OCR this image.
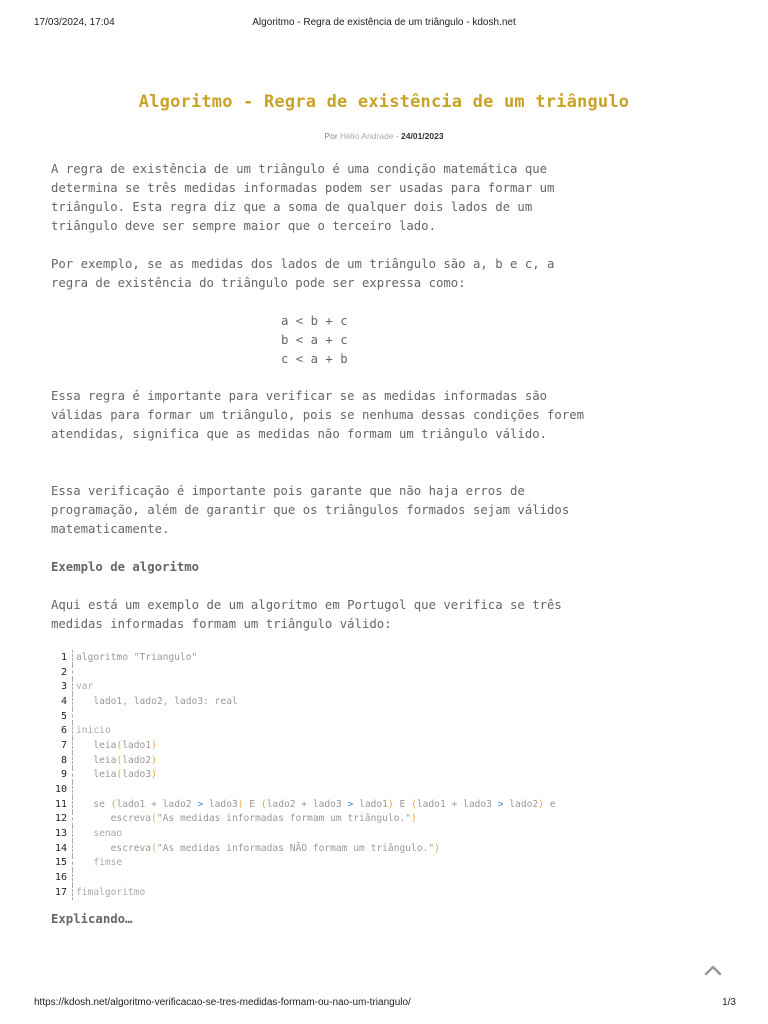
17/03/2024, 17:04	Algoritmo - Regra de existência de um triângulo - kdosh.net
Algoritmo - Regra de existência de um triângulo
Por Hélio Andrade - 24/01/2023

A regra de existência de um triângulo é uma condição matemática que determina se três medidas informadas podem ser usadas para formar um triângulo. Esta regra diz que a soma de qualquer dois lados de um triângulo deve ser sempre maior que o terceiro lado.

Por exemplo, se as medidas dos lados de um triângulo são a, b e c, a regra de existência do triângulo pode ser expressa como:

a < b + c
b < a + c
c < a + b

Essa regra é importante para verificar se as medidas informadas são válidas para formar um triângulo, pois se nenhuma dessas condições forem atendidas, significa que as medidas não formam um triângulo válido.

Essa verificação é importante pois garante que não haja erros de programação, além de garantir que os triângulos formados sejam válidos matematicamente.

Exemplo de algoritmo

Aqui está um exemplo de um algoritmo em Portugol que verifica se três medidas informadas formam um triângulo válido:

1 algoritmo "Triangulo"
2
3 var
4 lado1, lado2, lado3: real
5
6 inicio
7 leia(lado1)
8 leia(lado2)
9 leia(lado3)
10
11 se (lado1 + lado2 > lado3) E (lado2 + lado3 > lado1) E (lado1 + lado3 > lado2) e
12 escreva("As medidas informadas formam um triângulo.")
13 senao
14 escreva("As medidas informadas NÃO formam um triângulo.")
15 fimse
16
17 fimalgoritmo
Explicando…
https://kdosh.net/algoritmo-verificacao-se-tres-medidas-formam-ou-nao-um-triangulo/	1/3
